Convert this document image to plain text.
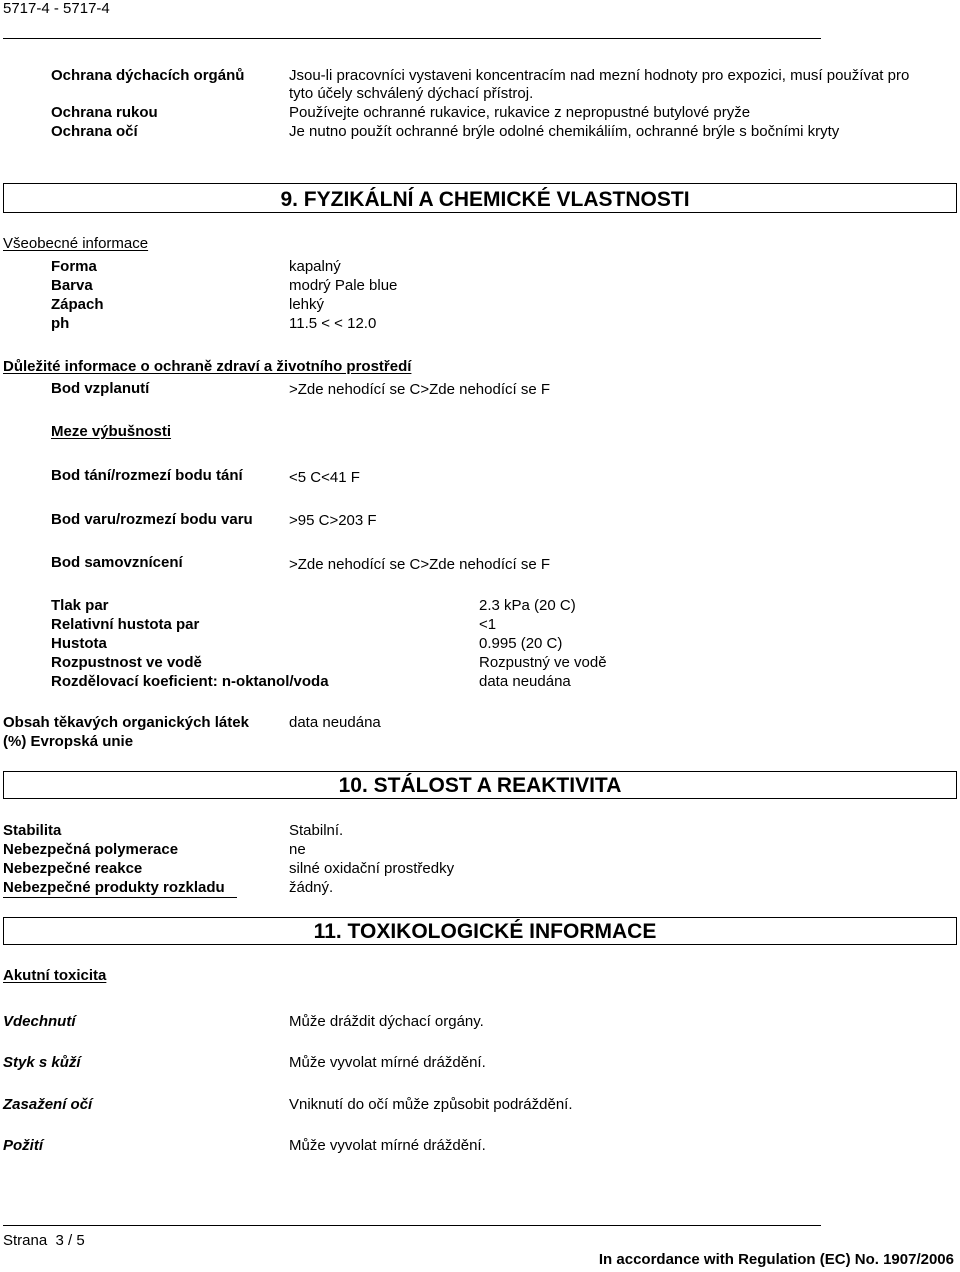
5717-4 - 5717-4
Ochrana dýchacích orgánů	Jsou-li pracovníci vystaveni koncentracím nad mezní hodnoty pro expozici, musí používat pro
tyto účely schválený dýchací přístroj.
Ochrana rukou	Používejte ochranné rukavice, rukavice z nepropustné butylové pryže
Ochrana očí	Je nutno použít ochranné brýle odolné chemikáliím, ochranné brýle s bočními kryty
9. FYZIKÁLNÍ A CHEMICKÉ VLASTNOSTI
Všeobecné informace
Forma	kapalný
Barva	modrý Pale blue
Zápach	lehký
ph	11.5 < < 12.0
Důležité informace o ochraně zdraví a životního prostředí
Bod vzplanutí	>Zde nehodící se C>Zde nehodící se F
Meze výbušnosti
Bod tání/rozmezí bodu tání	<5 C<41 F
Bod varu/rozmezí bodu varu >95 C>203 F
Bod samovznícení	>Zde nehodící se C>Zde nehodící se F
Tlak par	2.3 kPa (20 C)
Relativní hustota par	<1
Hustota	0.995 (20 C)
Rozpustnost ve vodě	Rozpustný ve vodě
Rozdělovací koeficient: n-oktanol/voda	data neudána
Obsah těkavých organických látek
(%) Evropská unie
data neudána
10. STÁLOST A REAKTIVITA
Stabilita	Stabilní.
Nebezpečná polymerace	ne
Nebezpečné reakce	silné oxidační prostředky
Nebezpečné produkty rozkladu	žádný.
11. TOXIKOLOGICKÉ INFORMACE
Akutní toxicita
Vdechnutí	Může dráždit dýchací orgány.
Styk s kůží	Může vyvolat mírné dráždění.
Zasažení očí	Vniknutí do očí může způsobit podráždění.
Požití	Může vyvolat mírné dráždění.
Strana  3 / 5
In accordance with Regulation (EC) No. 1907/2006
